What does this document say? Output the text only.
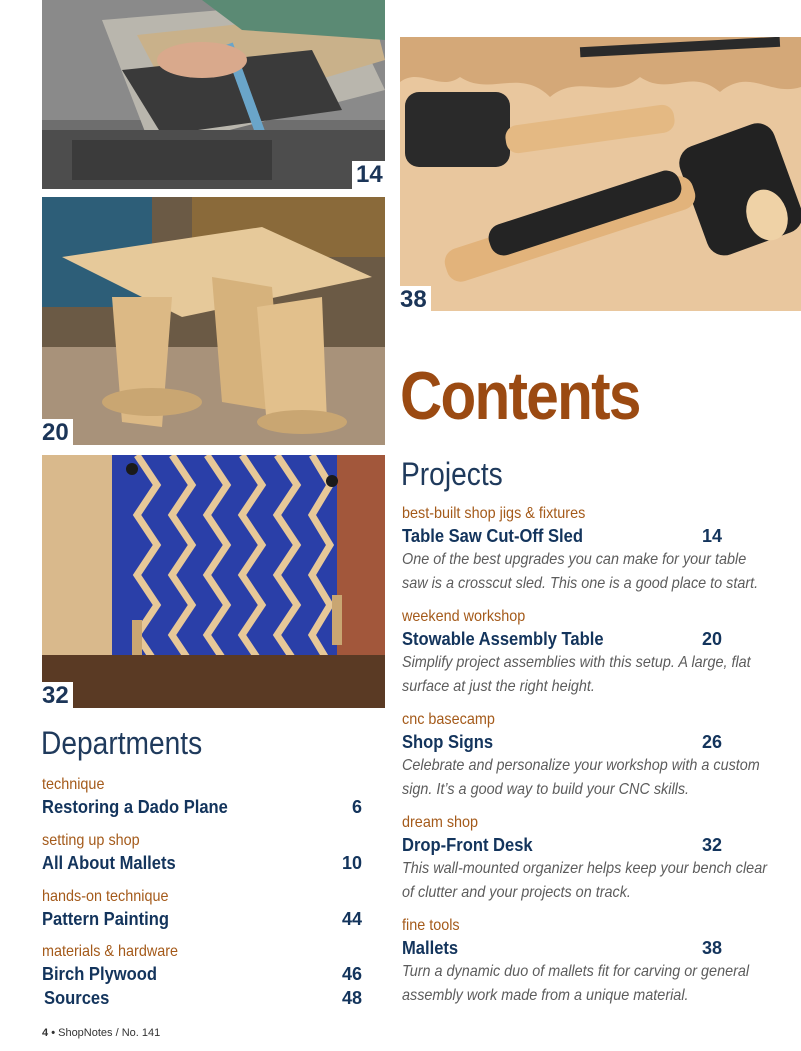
14
20
32
38
Contents
Departments
technique
Restoring a Dado Plane	6
setting up shop
All About Mallets	10
hands-on technique
Pattern Painting	44
materials & hardware
Birch Plywood	46
Sources	48
Projects
best-built shop jigs & fixtures
Table Saw Cut-Off Sled	14
One of the best upgrades you can make for your table
saw is a crosscut sled. This one is a good place to start.
weekend workshop
Stowable Assembly Table	20
Simplify project assemblies with this setup. A large, flat
surface at just the right height.
cnc basecamp
Shop Signs	26
Celebrate and personalize your workshop with a custom
sign. It’s a good way to build your CNC skills.
dream shop
Drop-Front Desk	32
This wall-mounted organizer helps keep your bench clear
of clutter and your projects on track.
fine tools
Mallets	38
Turn a dynamic duo of mallets fit for carving or general
assembly work made from a unique material.
4 • ShopNotes / No. 141
